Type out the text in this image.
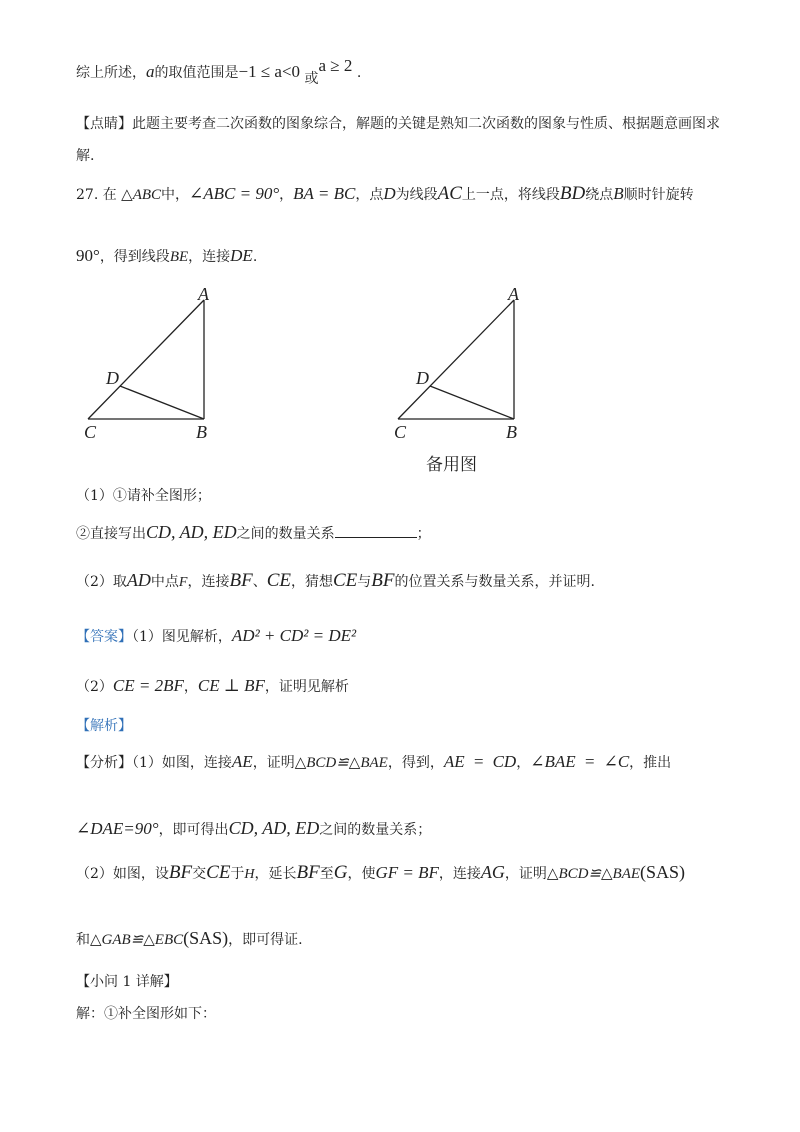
综上所述，a的取值范围是−1 ≤ a<0 或a ≥ 2 .
【点睛】此题主要考查二次函数的图象综合，解题的关键是熟知二次函数的图象与性质、根据题意画图求
解.
27. 在 △ABC中，∠ABC = 90°，BA = BC，点D为线段AC上一点，将线段BD绕点B顺时针旋转
90°，得到线段BE，连接DE.
A
B
C
D
A
B
C
D
备用图
（1）①请补全图形；
②直接写出CD, AD, ED之间的数量关系	；
（2）取AD中点F，连接BF、CE，猜想CE与BF的位置关系与数量关系，并证明.
【答案】（1）图见解析，AD² + CD² = DE²
（2）CE = 2BF，CE ⊥ BF，证明见解析
【解析】
【分析】（1）如图，连接AE，证明△BCD≌△BAE，得到，AE = CD，∠BAE = ∠C，推出
∠DAE=90°，即可得出CD, AD, ED之间的数量关系；
（2）如图，设BF交CE于H，延长BF至G，使GF = BF，连接AG，证明△BCD≌△BAE(SAS)
和△GAB≌△EBC(SAS)，即可得证.
【小问 1 详解】
解：①补全图形如下：
